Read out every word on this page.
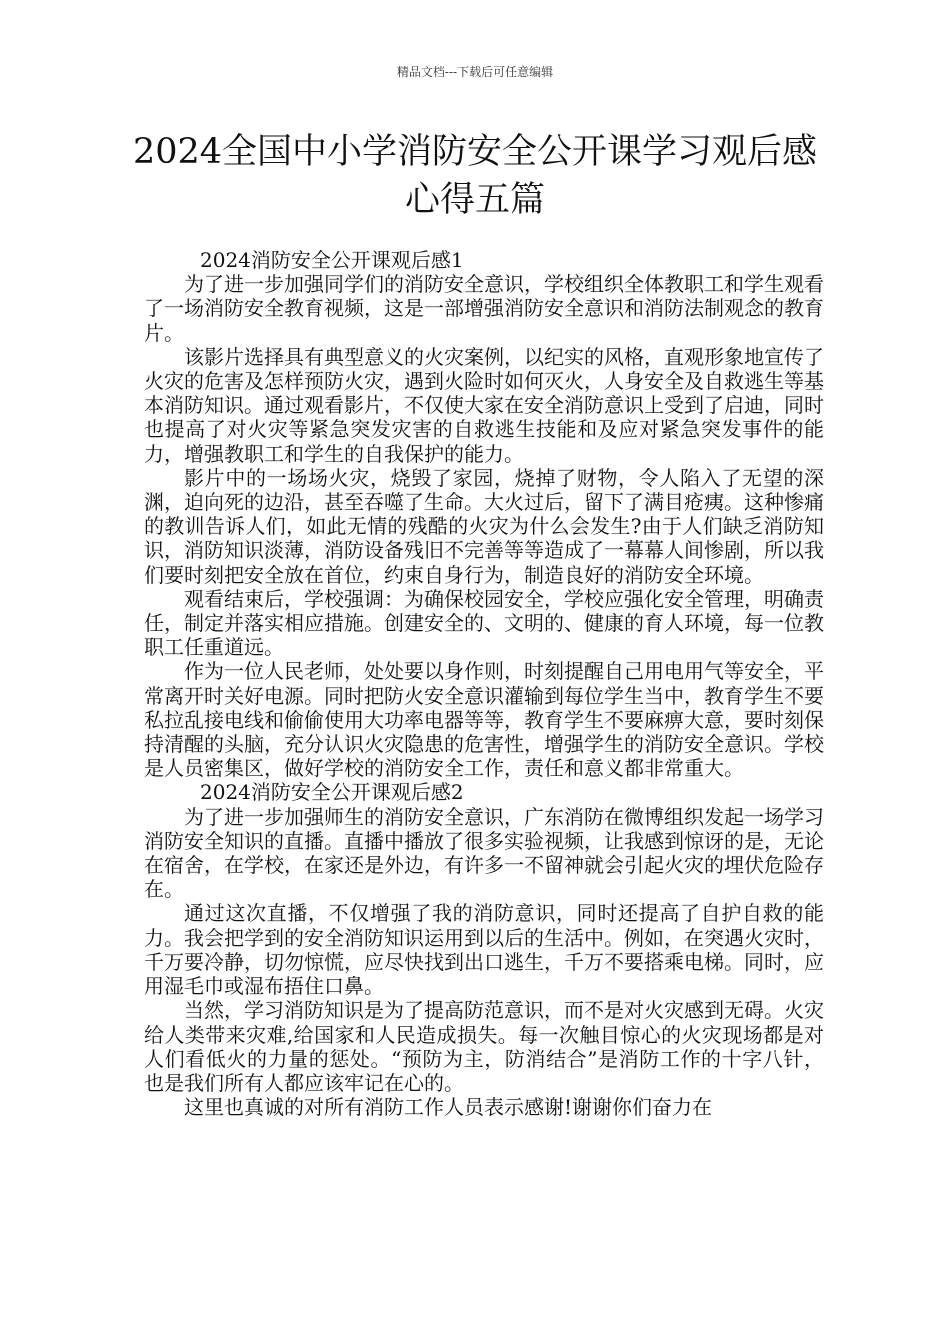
精品文档---下载后可任意编辑
2024全国中小学消防安全公开课学习观后感心得五篇

2024消防安全公开课观后感1

为了进一步加强同学们的消防安全意识，学校组织全体教职工和学生观看了一场消防安全教育视频，这是一部增强消防安全意识和消防法制观念的教育片。

该影片选择具有典型意义的火灾案例，以纪实的风格，直观形象地宣传了火灾的危害及怎样预防火灾，遇到火险时如何灭火，人身安全及自救逃生等基本消防知识。通过观看影片，不仅使大家在安全消防意识上受到了启迪，同时也提高了对火灾等紧急突发灾害的自救逃生技能和及应对紧急突发事件的能力，增强教职工和学生的自我保护的能力。

影片中的一场场火灾，烧毁了家园，烧掉了财物，令人陷入了无望的深渊，迫向死的边沿，甚至吞噬了生命。大火过后，留下了满目疮痍。这种惨痛的教训告诉人们，如此无情的残酷的火灾为什么会发生?由于人们缺乏消防知识，消防知识淡薄，消防设备残旧不完善等等造成了一幕幕人间惨剧，所以我们要时刻把安全放在首位，约束自身行为，制造良好的消防安全环境。

观看结束后，学校强调：为确保校园安全，学校应强化安全管理，明确责任，制定并落实相应措施。创建安全的、文明的、健康的育人环境，每一位教职工任重道远。

作为一位人民老师，处处要以身作则，时刻提醒自己用电用气等安全，平常离开时关好电源。同时把防火安全意识灌输到每位学生当中，教育学生不要私拉乱接电线和偷偷使用大功率电器等等，教育学生不要麻痹大意，要时刻保持清醒的头脑，充分认识火灾隐患的危害性，增强学生的消防安全意识。学校是人员密集区，做好学校的消防安全工作，责任和意义都非常重大。

2024消防安全公开课观后感2

为了进一步加强师生的消防安全意识，广东消防在微博组织发起一场学习消防安全知识的直播。直播中播放了很多实验视频，让我感到惊讶的是，无论在宿舍，在学校，在家还是外边，有许多一不留神就会引起火灾的埋伏危险存在。

通过这次直播，不仅增强了我的消防意识，同时还提高了自护自救的能力。我会把学到的安全消防知识运用到以后的生活中。例如，在突遇火灾时，千万要冷静，切勿惊慌，应尽快找到出口逃生，千万不要搭乘电梯。同时，应用湿毛巾或湿布捂住口鼻。

当然，学习消防知识是为了提高防范意识，而不是对火灾感到无碍。火灾给人类带来灾难,给国家和人民造成损失。每一次触目惊心的火灾现场都是对人们看低火的力量的惩处。“预防为主，防消结合”是消防工作的十字八针，也是我们所有人都应该牢记在心的。

这里也真诚的对所有消防工作人员表示感谢!谢谢你们奋力在
